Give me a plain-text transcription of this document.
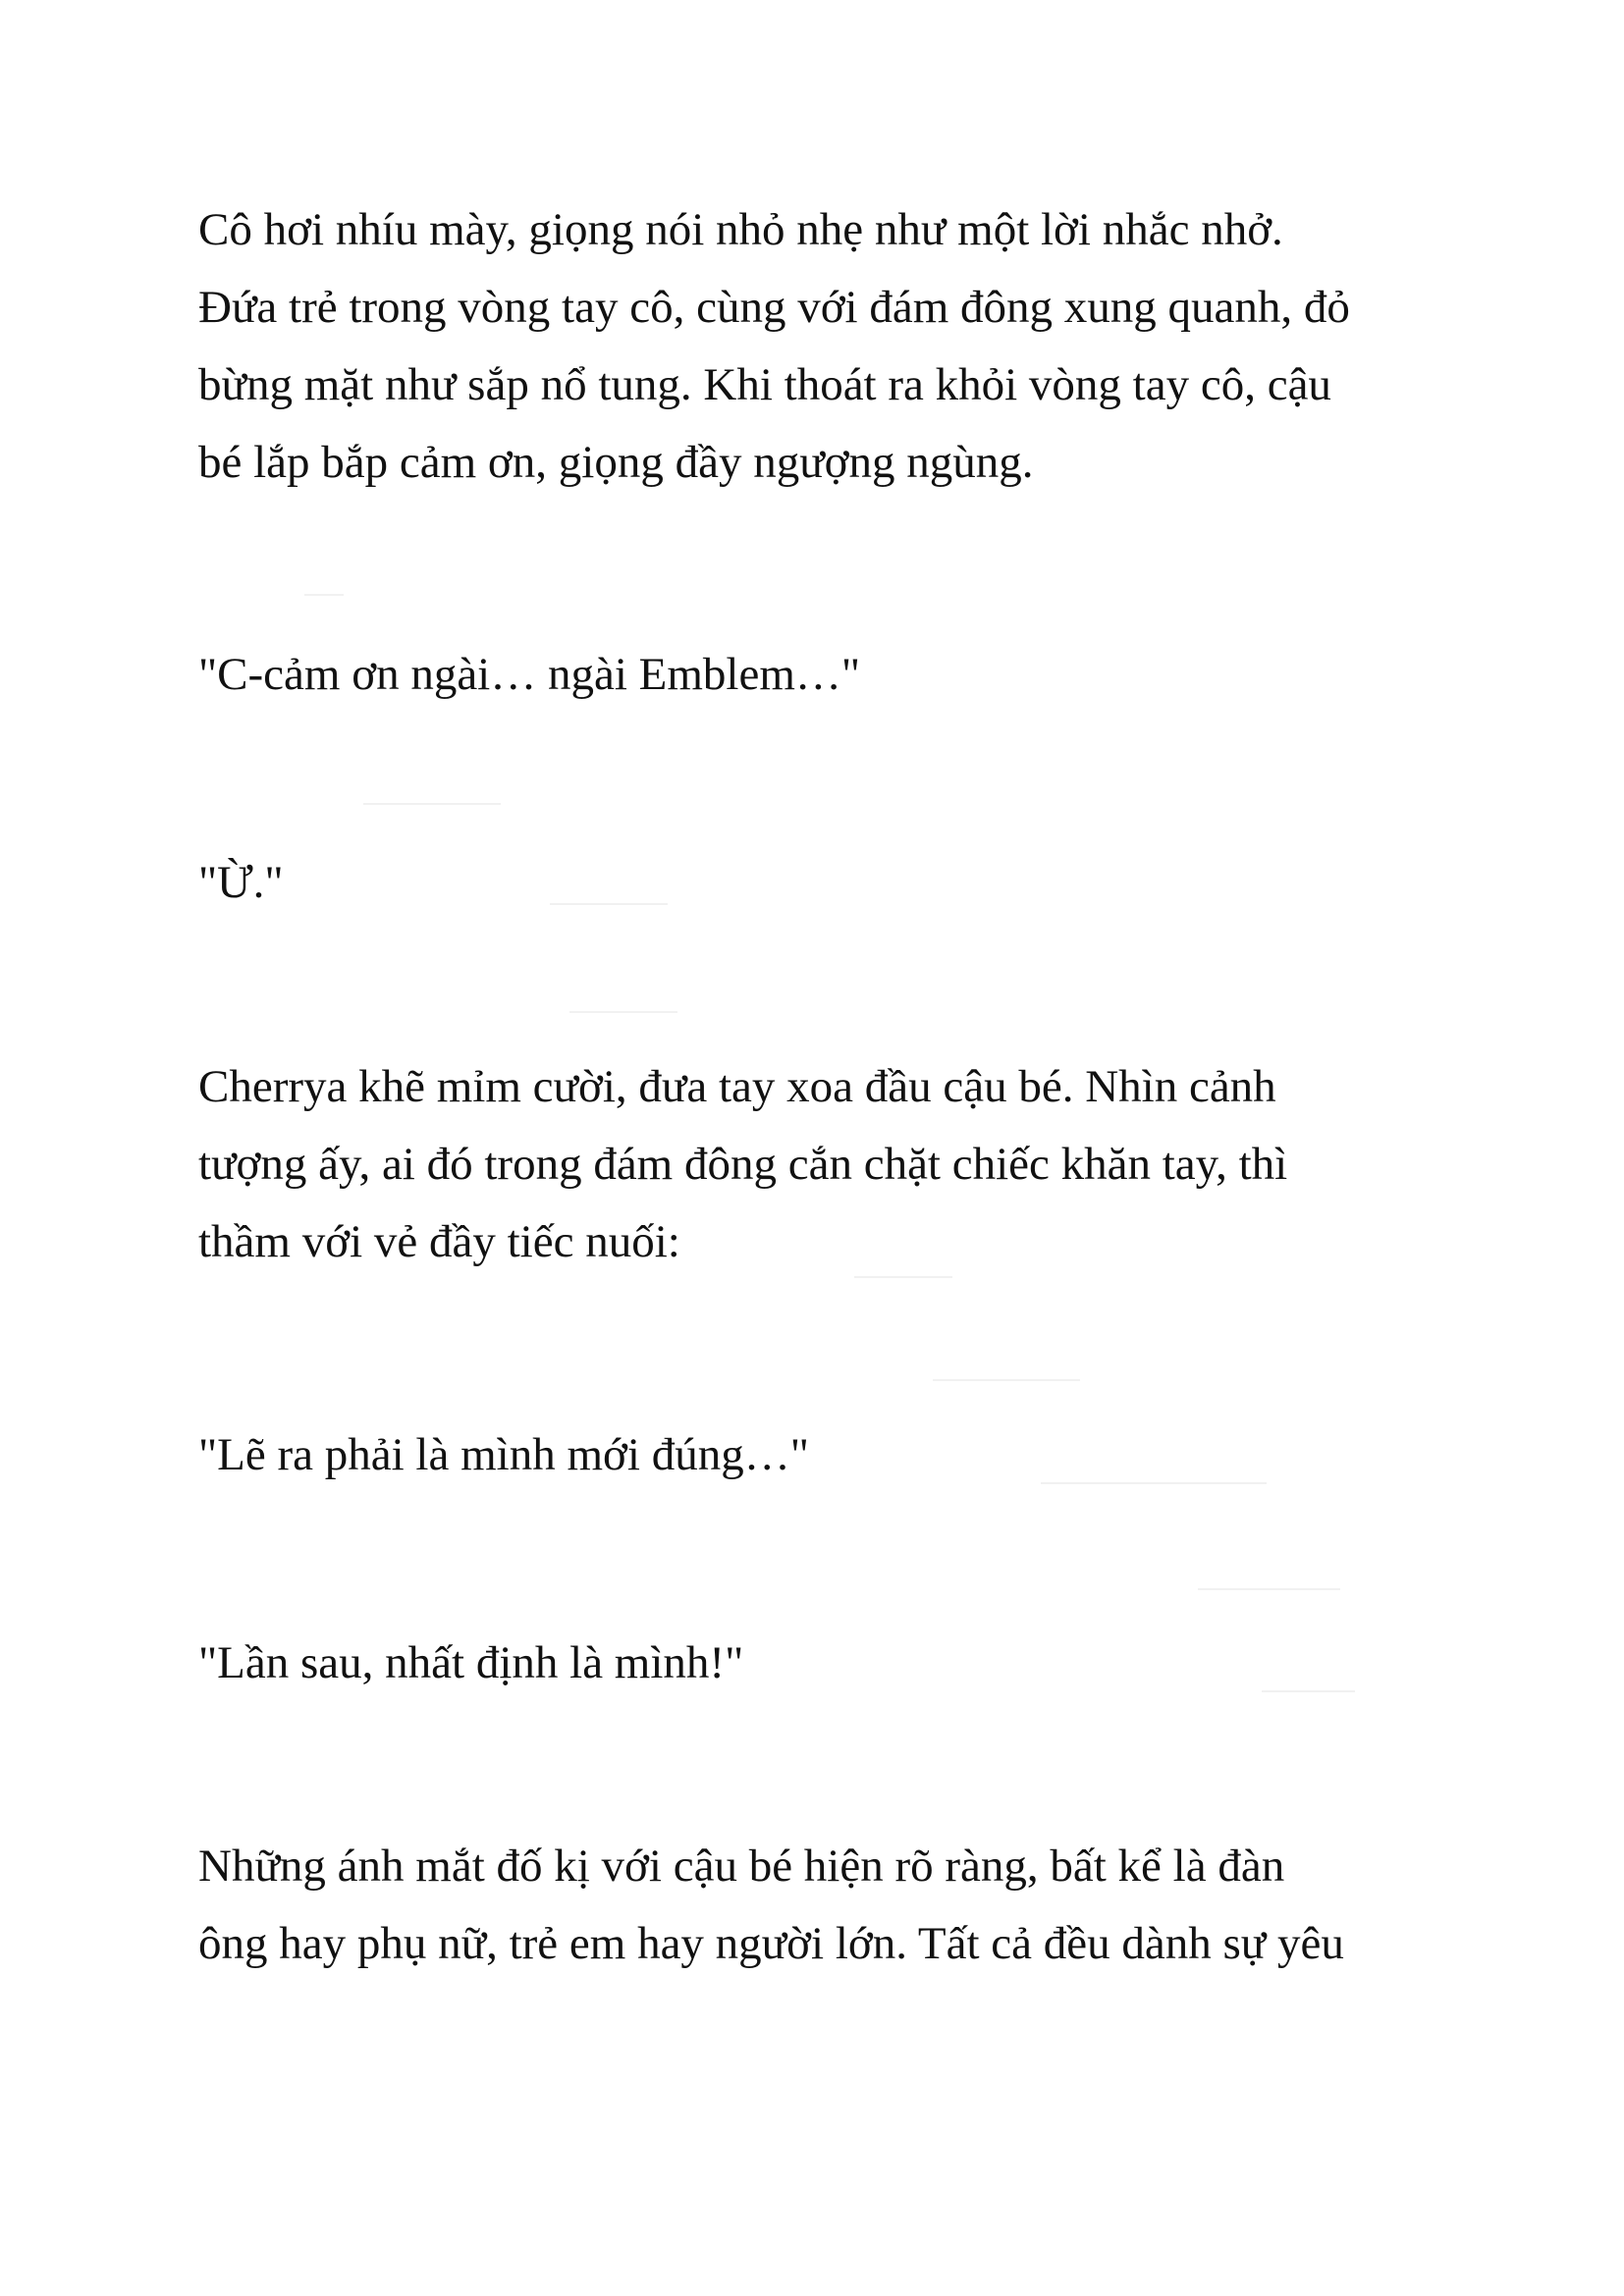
Cô hơi nhíu mày, giọng nói nhỏ nhẹ như một lời nhắc nhở.
Đứa trẻ trong vòng tay cô, cùng với đám đông xung quanh, đỏ
bừng mặt như sắp nổ tung. Khi thoát ra khỏi vòng tay cô, cậu
bé lắp bắp cảm ơn, giọng đầy ngượng ngùng.

"C-cảm ơn ngài… ngài Emblem…"

"Ừ."

Cherrya khẽ mỉm cười, đưa tay xoa đầu cậu bé. Nhìn cảnh
tượng ấy, ai đó trong đám đông cắn chặt chiếc khăn tay, thì
thầm với vẻ đầy tiếc nuối:

"Lẽ ra phải là mình mới đúng…"

"Lần sau, nhất định là mình!"

Những ánh mắt đố kị với cậu bé hiện rõ ràng, bất kể là đàn
ông hay phụ nữ, trẻ em hay người lớn. Tất cả đều dành sự yêu
